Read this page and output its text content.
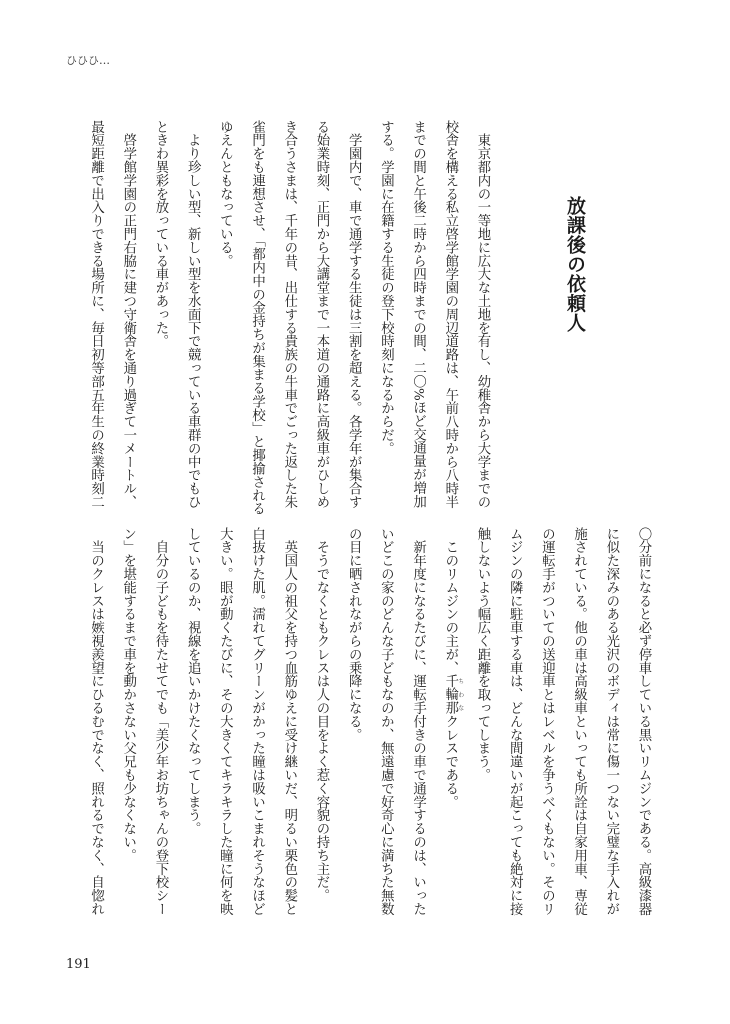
ひひひ…
放課後の依頼人
　東京都内の一等地に広大な土地を有し、幼稚舎から大学までの
校舎を構える私立啓学館学園の周辺道路は、午前八時から八時半
までの間と午後二時から四時までの間、二〇%ほど交通量が増加
する。学園に在籍する生徒の登下校時刻になるからだ。
　学園内で、車で通学する生徒は三割を超える。各学年が集合す
る始業時刻、正門から大講堂まで一本道の通路に高級車がひしめ
き合うさまは、千年の昔、出仕する貴族の牛車でごった返した朱
雀門をも連想させ、「都内中の金持ちが集まる学校」と揶揄される
ゆえんともなっている。
　より珍しい型、新しい型を水面下で競っている車群の中でもひ
ときわ異彩を放っている車があった。
　啓学館学園の正門右脇に建つ守衛舎を通り過ぎて一メートル、
最短距離で出入りできる場所に、毎日初等部五年生の終業時刻二
〇分前になると必ず停車している黒いリムジンである。高級漆器
に似た深みのある光沢のボディは常に傷一つない完璧な手入れが
施されている。他の車は高級車といっても所詮は自家用車、専従
の運転手がついての送迎車とはレベルを争うべくもない。そのリ
ムジンの隣に駐車する車は、どんな間違いが起こっても絶対に接
触しないよう幅広く距離を取ってしまう。
　このリムジンの主が、千輪那 ちわなクレスである。
　新年度になるたびに、運転手付きの車で通学するのは、いった
いどこの家のどんな子どもなのか、無遠慮で好奇心に満ちた無数
の目に晒されながらの乗降になる。
　そうでなくともクレスは人の目をよく惹く容貌の持ち主だ。
　英国人の祖父を持つ血筋ゆえに受け継いだ、明るい栗色の髪と
白抜けた肌。濡れてグリーンがかった瞳は吸いこまれそうなほど
大きい。眼が動くたびに、その大きくてキラキラした瞳に何を映
しているのか、視線を追いかけたくなってしまう。
　自分の子どもを待たせてでも「美少年お坊ちゃんの登下校シー
ン」を堪能するまで車を動かさない父兄も少なくない。
　当のクレスは嫉視羨望にひるむでなく、照れるでなく、自惚れ
191
